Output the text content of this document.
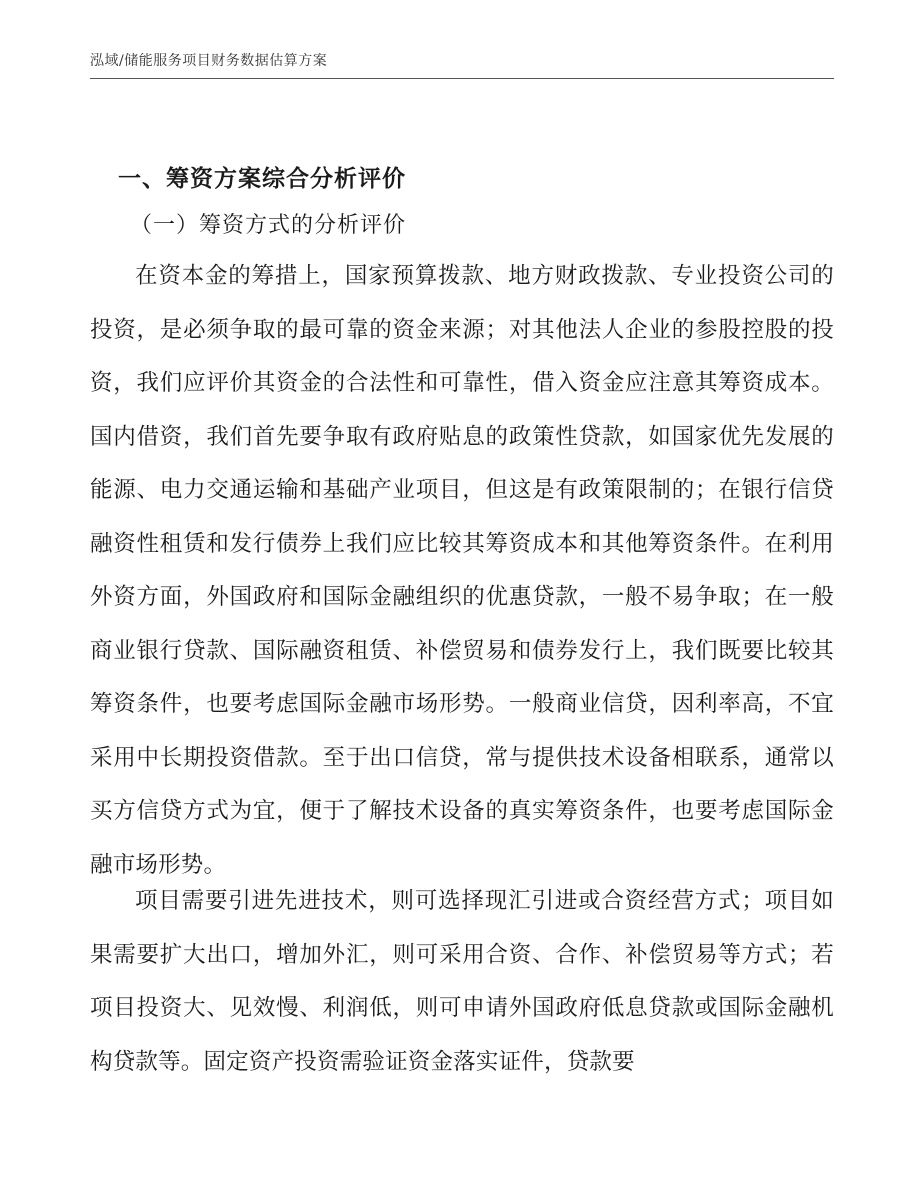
泓域/储能服务项目财务数据估算方案
一、筹资方案综合分析评价
（一）筹资方式的分析评价

在资本金的筹措上，国家预算拨款、地方财政拨款、专业投资公司的投资，是必须争取的最可靠的资金来源；对其他法人企业的参股控股的投资，我们应评价其资金的合法性和可靠性，借入资金应注意其筹资成本。国内借资，我们首先要争取有政府贴息的政策性贷款，如国家优先发展的能源、电力交通运输和基础产业项目，但这是有政策限制的；在银行信贷融资性租赁和发行债券上我们应比较其筹资成本和其他筹资条件。在利用外资方面，外国政府和国际金融组织的优惠贷款，一般不易争取；在一般商业银行贷款、国际融资租赁、补偿贸易和债券发行上，我们既要比较其筹资条件，也要考虑国际金融市场形势。一般商业信贷，因利率高，不宜采用中长期投资借款。至于出口信贷，常与提供技术设备相联系，通常以买方信贷方式为宜，便于了解技术设备的真实筹资条件，也要考虑国际金融市场形势。

项目需要引进先进技术，则可选择现汇引进或合资经营方式；项目如果需要扩大出口，增加外汇，则可采用合资、合作、补偿贸易等方式；若项目投资大、见效慢、利润低，则可申请外国政府低息贷款或国际金融机构贷款等。固定资产投资需验证资金落实证件，贷款要
